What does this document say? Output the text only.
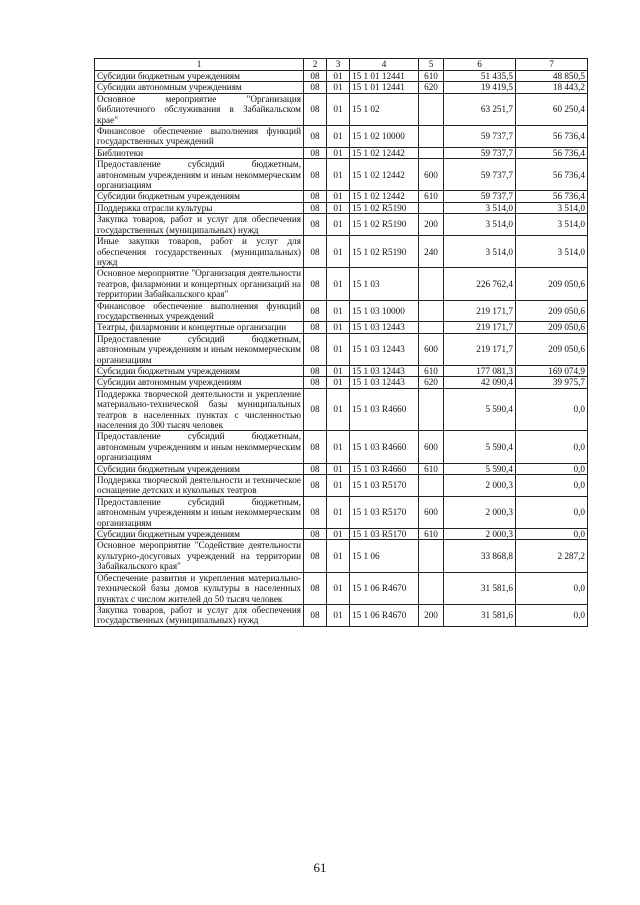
1	2	3	4	5	6	7
Субсидии бюджетным учреждениям	08	01	15 1 01 12441	610	51 435,5	48 850,5
Субсидии автономным учреждениям	08	01	15 1 01 12441	620	19 419,5	18 443,2
Основное мероприятие "Организация библиотечного обслуживания в Забайкальском крае"	08	01	15 1 02		63 251,7	60 250,4
Финансовое обеспечение выполнения функций государственных учреждений	08	01	15 1 02 10000		59 737,7	56 736,4
Библиотеки	08	01	15 1 02 12442		59 737,7	56 736,4
Предоставление субсидий бюджетным, автономным учреждениям и иным некоммерческим организациям	08	01	15 1 02 12442	600	59 737,7	56 736,4
Субсидии бюджетным учреждениям	08	01	15 1 02 12442	610	59 737,7	56 736,4
Поддержка отрасли культуры	08	01	15 1 02 R5190		3 514,0	3 514,0
Закупка товаров, работ и услуг для обеспечения государственных (муниципальных) нужд	08	01	15 1 02 R5190	200	3 514,0	3 514,0
Иные закупки товаров, работ и услуг для обеспечения государственных (муниципальных) нужд	08	01	15 1 02 R5190	240	3 514,0	3 514,0
Основное мероприятие "Организация деятельности театров, филармонии и концертных организаций на территории Забайкальского края"	08	01	15 1 03		226 762,4	209 050,6
Финансовое обеспечение выполнения функций государственных учреждений	08	01	15 1 03 10000		219 171,7	209 050,6
Театры, филармонии и концертные организации	08	01	15 1 03 12443		219 171,7	209 050,6
Предоставление субсидий бюджетным, автономным учреждениям и иным некоммерческим организациям	08	01	15 1 03 12443	600	219 171,7	209 050,6
Субсидии бюджетным учреждениям	08	01	15 1 03 12443	610	177 081,3	169 074,9
Субсидии автономным учреждениям	08	01	15 1 03 12443	620	42 090,4	39 975,7
Поддержка творческой деятельности и укрепление материально-технической базы муниципальных театров в населенных пунктах с численностью населения до 300 тысяч человек	08	01	15 1 03 R4660		5 590,4	0,0
Предоставление субсидий бюджетным, автономным учреждениям и иным некоммерческим организациям	08	01	15 1 03 R4660	600	5 590,4	0,0
Субсидии бюджетным учреждениям	08	01	15 1 03 R4660	610	5 590,4	0,0
Поддержка творческой деятельности и техническое оснащение детских и кукольных театров	08	01	15 1 03 R5170		2 000,3	0,0
Предоставление субсидий бюджетным, автономным учреждениям и иным некоммерческим организациям	08	01	15 1 03 R5170	600	2 000,3	0,0
Субсидии бюджетным учреждениям	08	01	15 1 03 R5170	610	2 000,3	0,0
Основное мероприятие "Содействие деятельности культурно-досуговых учреждений на территории Забайкальского края"	08	01	15 1 06		33 868,8	2 287,2
Обеспечение развития и укрепления материально-технической базы домов культуры в населенных пунктах с числом жителей до 50 тысяч человек	08	01	15 1 06 R4670		31 581,6	0,0
Закупка товаров, работ и услуг для обеспечения государственных (муниципальных) нужд	08	01	15 1 06 R4670	200	31 581,6	0,0
61
